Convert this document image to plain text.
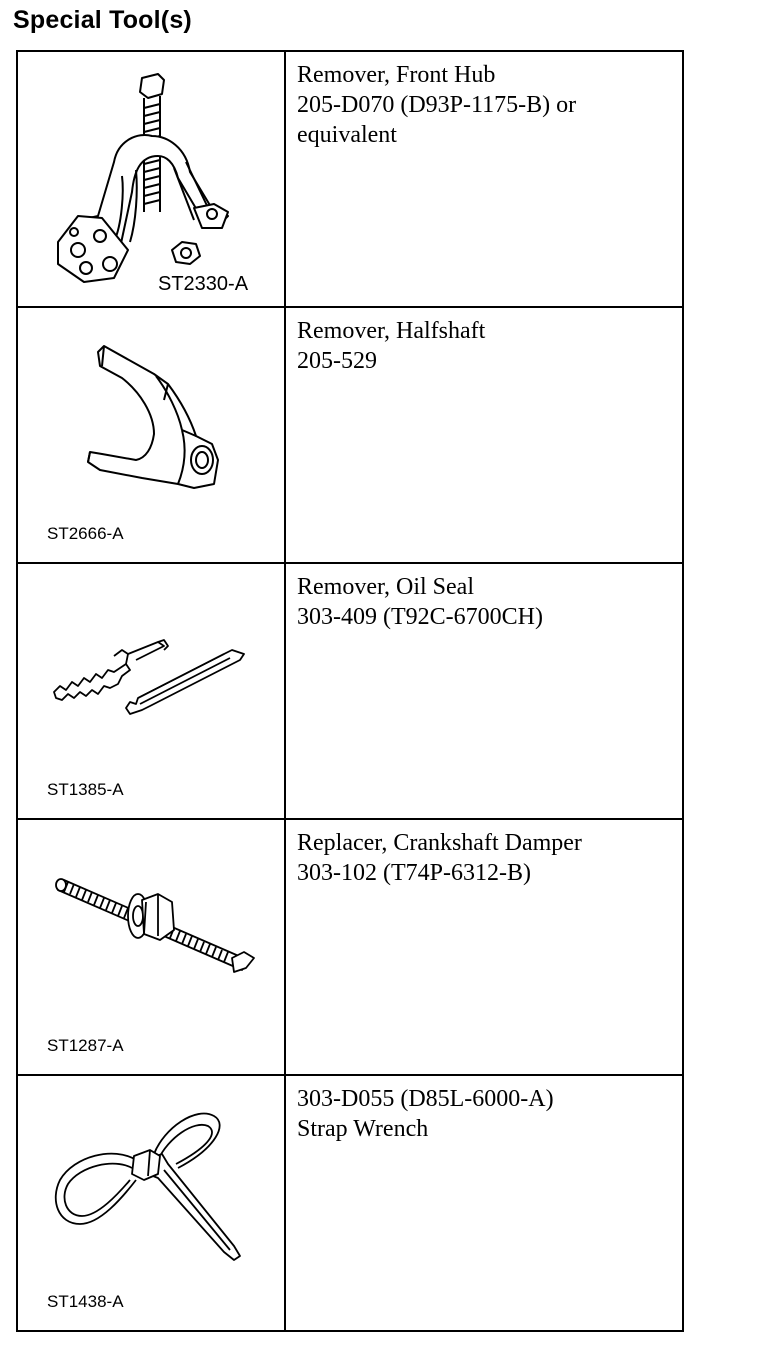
Special Tool(s)
ST2330-A
Remover, Front Hub
205-D070 (D93P-1175-B) or
equivalent
ST2666-A
Remover, Halfshaft
205-529
ST1385-A
Remover, Oil Seal
303-409 (T92C-6700CH)
ST1287-A
Replacer, Crankshaft Damper
303-102 (T74P-6312-B)
ST1438-A
303-D055 (D85L-6000-A)
Strap Wrench
